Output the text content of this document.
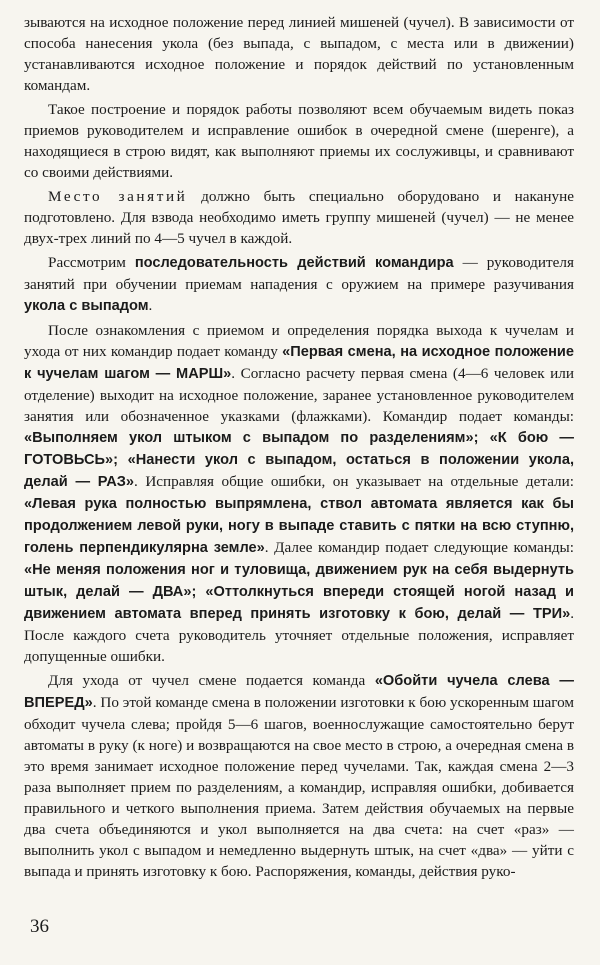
зываются на исходное положение перед линией мишеней (чучел). В зависимости от способа нанесения укола (без выпада, с выпадом, с места или в движении) устанавливаются исходное положение и порядок действий по установленным командам.

Такое построение и порядок работы позволяют всем обучаемым видеть показ приемов руководителем и исправление ошибок в очередной смене (шеренге), а находящиеся в строю видят, как выполняют приемы их сослуживцы, и сравнивают со своими действиями.

Место занятий должно быть специально оборудовано и накануне подготовлено. Для взвода необходимо иметь группу мишеней (чучел) — не менее двух-трех линий по 4—5 чучел в каждой.

Рассмотрим последовательность действий командира — руководителя занятий при обучении приемам нападения с оружием на примере разучивания укола с выпадом.

После ознакомления с приемом и определения порядка выхода к чучелам и ухода от них командир подает команду «Первая смена, на исходное положение к чучелам шагом — МАРШ». Согласно расчету первая смена (4—6 человек или отделение) выходит на исходное положение, заранее установленное руководителем занятия или обозначенное указками (флажками). Командир подает команды: «Выполняем укол штыком с выпадом по разделениям»; «К бою — ГОТОВЬСЬ»; «Нанести укол с выпадом, остаться в положении укола, делай — РАЗ». Исправляя общие ошибки, он указывает на отдельные детали: «Левая рука полностью выпрямлена, ствол автомата является как бы продолжением левой руки, ногу в выпаде ставить с пятки на всю ступню, голень перпендикулярна земле». Далее командир подает следующие команды: «Не меняя положения ног и туловища, движением рук на себя выдернуть штык, делай — ДВА»; «Оттолкнуться впереди стоящей ногой назад и движением автомата вперед принять изготовку к бою, делай — ТРИ». После каждого счета руководитель уточняет отдельные положения, исправляет допущенные ошибки.

Для ухода от чучел смене подается команда «Обойти чучела слева — ВПЕРЕД». По этой команде смена в положении изготовки к бою ускоренным шагом обходит чучела слева; пройдя 5—6 шагов, военнослужащие самостоятельно берут автоматы в руку (к ноге) и возвращаются на свое место в строю, а очередная смена в это время занимает исходное положение перед чучелами. Так, каждая смена 2—3 раза выполняет прием по разделениям, а командир, исправляя ошибки, добивается правильного и четкого выполнения приема. Затем действия обучаемых на первые два счета объединяются и укол выполняется на два счета: на счет «раз» — выполнить укол с выпадом и немедленно выдернуть штык, на счет «два» — уйти с выпада и принять изготовку к бою. Распоряжения, команды, действия руко-

36
